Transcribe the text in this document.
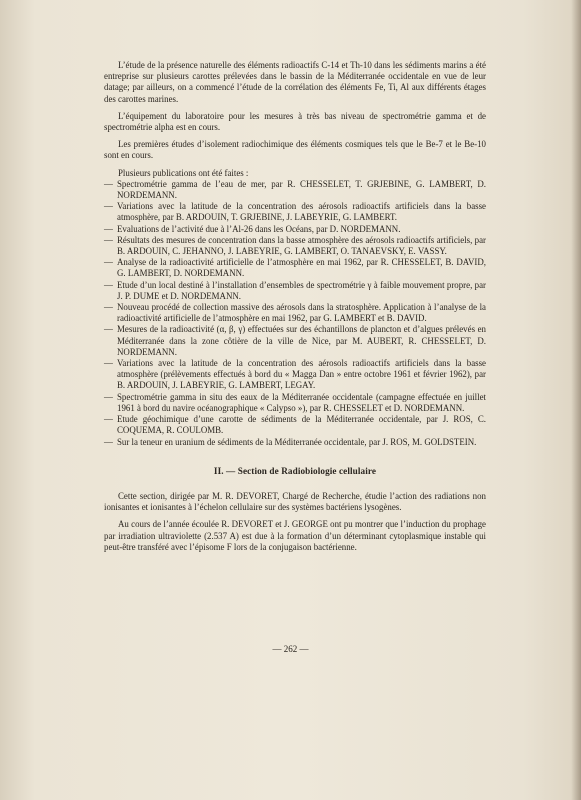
L’étude de la présence naturelle des éléments radioactifs C-14 et Th-10 dans les sédiments marins a été entreprise sur plusieurs carottes prélevées dans le bassin de la Méditerranée occidentale en vue de leur datage; par ailleurs, on a commencé l’étude de la corrélation des éléments Fe, Ti, Al aux différents étages des carottes marines.

L’équipement du laboratoire pour les mesures à très bas niveau de spectrométrie gamma et de spectrométrie alpha est en cours.

Les premières études d’isolement radiochimique des éléments cosmiques tels que le Be-7 et le Be-10 sont en cours.

Plusieurs publications ont été faites :

— Spectrométrie gamma de l’eau de mer, par R. CHESSELET, T. GRJEBINE, G. LAMBERT, D. NORDEMANN.
— Variations avec la latitude de la concentration des aérosols radioactifs artificiels dans la basse atmosphère, par B. ARDOUIN, T. GRJEBINE, J. LABEYRIE, G. LAMBERT.
— Evaluations de l’activité due à l’Al-26 dans les Océans, par D. NORDEMANN.
— Résultats des mesures de concentration dans la basse atmosphère des aérosols radioactifs artificiels, par B. ARDOUIN, C. JEHANNO, J. LABEYRIE, G. LAMBERT, O. TANAEVSKY, E. VASSY.
— Analyse de la radioactivité artificielle de l’atmosphère en mai 1962, par R. CHESSELET, B. DAVID, G. LAMBERT, D. NORDEMANN.
— Etude d’un local destiné à l’installation d’ensembles de spectrométrie γ à faible mouvement propre, par J. P. DUME et D. NORDEMANN.
— Nouveau procédé de collection massive des aérosols dans la stratosphère. Application à l’analyse de la radioactivité artificielle de l’atmosphère en mai 1962, par G. LAMBERT et B. DAVID.
— Mesures de la radioactivité (α, β, γ) effectuées sur des échantillons de plancton et d’algues prélevés en Méditerranée dans la zone côtière de la ville de Nice, par M. AUBERT, R. CHESSELET, D. NORDEMANN.
— Variations avec la latitude de la concentration des aérosols radioactifs artificiels dans la basse atmosphère (prélèvements effectués à bord du « Magga Dan » entre octobre 1961 et février 1962), par B. ARDOUIN, J. LABEYRIE, G. LAMBERT, LEGAY.
— Spectrométrie gamma in situ des eaux de la Méditerranée occidentale (campagne effectuée en juillet 1961 à bord du navire océanographique « Calypso »), par R. CHESSELET et D. NORDEMANN.
— Etude géochimique d’une carotte de sédiments de la Méditerranée occidentale, par J. ROS, C. COQUEMA, R. COULOMB.
— Sur la teneur en uranium de sédiments de la Méditerranée occidentale, par J. ROS, M. GOLDSTEIN.
II. — Section de Radiobiologie cellulaire

Cette section, dirigée par M. R. DEVORET, Chargé de Recherche, étudie l’action des radiations non ionisantes et ionisantes à l’échelon cellulaire sur des systèmes bactériens lysogènes.

Au cours de l’année écoulée R. DEVORET et J. GEORGE ont pu montrer que l’induction du prophage par irradiation ultraviolette (2.537 A) est due à la formation d’un déterminant cytoplasmique instable qui peut-être transféré avec l’épisome F lors de la conjugaison bactérienne.

— 262 —
